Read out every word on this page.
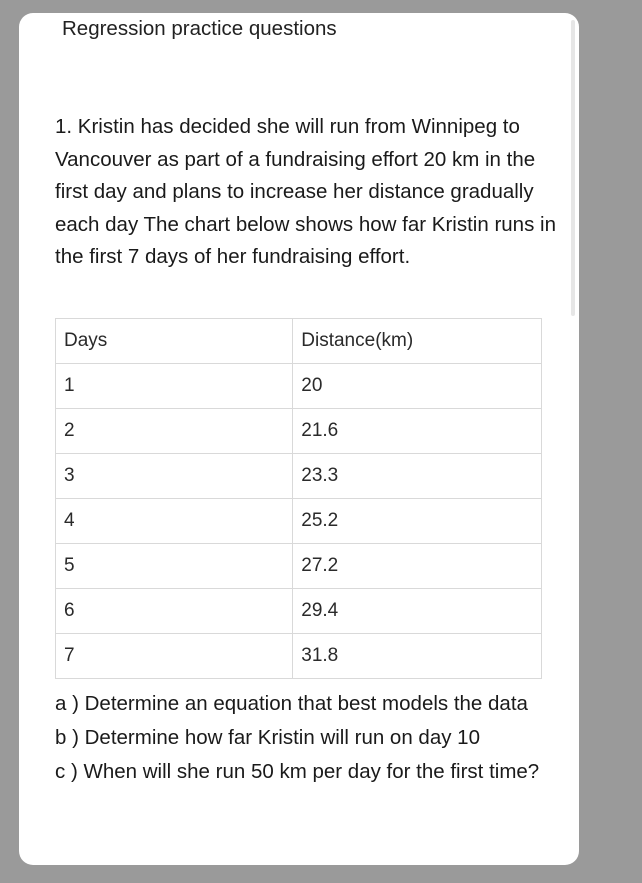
Regression practice questions

1. Kristin has decided she will run from Winnipeg to Vancouver as part of a fundraising effort 20 km in the first day and plans to increase her distance gradually each day The chart below shows how far Kristin runs in the first 7 days of her fundraising effort.

Days	Distance(km)
1	20
2	21.6
3	23.3
4	25.2
5	27.2
6	29.4
7	31.8

a ) Determine an equation that best models the data

b ) Determine how far Kristin will run on day 10

c ) When will she run 50 km per day for the first time?
